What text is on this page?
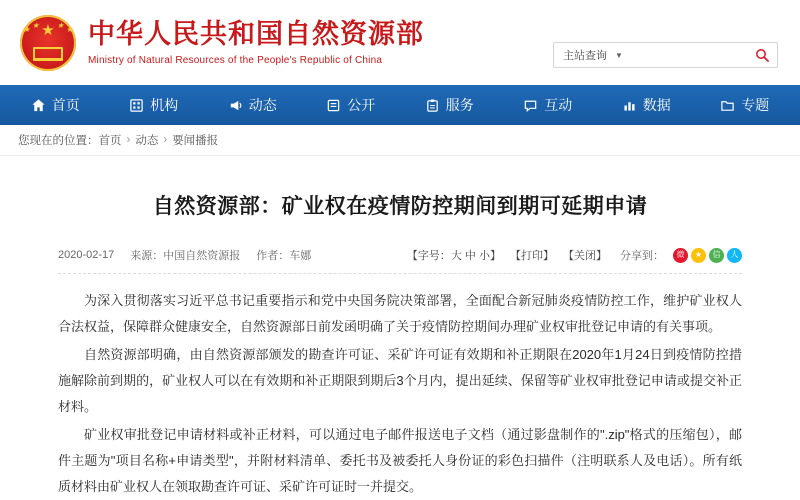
★
★ ★ ★ ★ 中华人民共和国自然资源部
Ministry of Natural Resources of the People's Republic of China	主站查询	▼
首页	机构	动态	公开	服务	互动	数据	专题
您现在的位置： 首页 › 动态 › 要闻播报
自然资源部：矿业权在疫情防控期间到期可延期申请
2020-02-17 来源：中国自然资源报 作者：车娜	【字号：大 中 小】 【打印】 【关闭】 分享到：	微	★	信	人

为深入贯彻落实习近平总书记重要指示和党中央国务院决策部署，全面配合新冠肺炎疫情防控工作，维护矿业权人合法权益，保障群众健康安全，自然资源部日前发函明确了关于疫情防控期间办理矿业权审批登记申请的有关事项。

自然资源部明确，由自然资源部颁发的勘查许可证、采矿许可证有效期和补正期限在2020年1月24日到疫情防控措施解除前到期的，矿业权人可以在有效期和补正期限到期后3个月内，提出延续、保留等矿业权审批登记申请或提交补正材料。

矿业权审批登记申请材料或补正材料，可以通过电子邮件报送电子文档（通过影盘制作的".zip"格式的压缩包），邮件主题为"项目名称+申请类型"，并附材料清单、委托书及被委托人身份证的彩色扫描件（注明联系人及电话）。所有纸质材料由矿业权人在领取勘查许可证、采矿许可证时一并提交。
